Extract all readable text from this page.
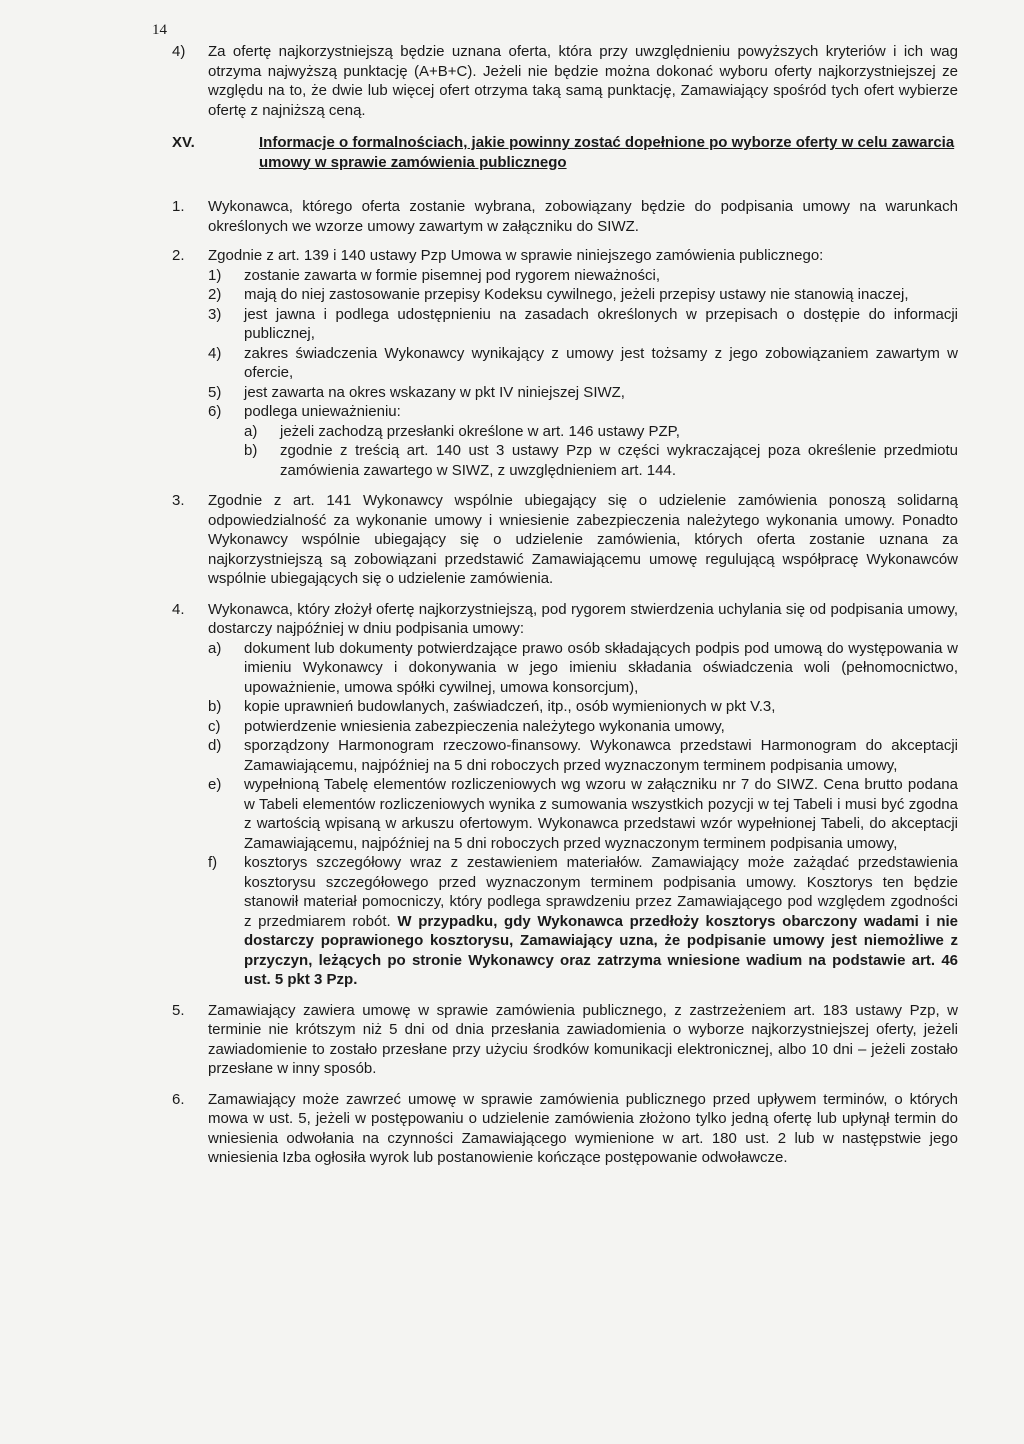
14
4) Za ofertę najkorzystniejszą będzie uznana oferta, która przy uwzględnieniu powyższych kryteriów i ich wag otrzyma najwyższą punktację (A+B+C). Jeżeli nie będzie można dokonać wyboru oferty najkorzystniejszej ze względu na to, że dwie lub więcej ofert otrzyma taką samą punktację, Zamawiający spośród tych ofert wybierze ofertę z najniższą ceną.

XV.	Informacje o formalnościach, jakie powinny zostać dopełnione po wyborze oferty w celu zawarcia umowy w sprawie zamówienia publicznego

1. Wykonawca, którego oferta zostanie wybrana, zobowiązany będzie do podpisania umowy na warunkach określonych we wzorze umowy zawartym w załączniku do SIWZ.

2. Zgodnie z art. 139 i 140 ustawy Pzp Umowa w sprawie niniejszego zamówienia publicznego:

1) zostanie zawarta w formie pisemnej pod rygorem nieważności,

2) mają do niej zastosowanie przepisy Kodeksu cywilnego, jeżeli przepisy ustawy nie stanowią inaczej,

3) jest jawna i podlega udostępnieniu na zasadach określonych w przepisach o dostępie do informacji publicznej,

4) zakres świadczenia Wykonawcy wynikający z umowy jest tożsamy z jego zobowiązaniem zawartym w ofercie,

5) jest zawarta na okres wskazany w pkt IV niniejszej SIWZ,

6) podlega unieważnieniu:

a) jeżeli zachodzą przesłanki określone w art. 146 ustawy PZP,

b) zgodnie z treścią art. 140 ust 3 ustawy Pzp w części wykraczającej poza określenie przedmiotu zamówienia zawartego w SIWZ, z uwzględnieniem art. 144.

3. Zgodnie z art. 141 Wykonawcy wspólnie ubiegający się o udzielenie zamówienia ponoszą solidarną odpowiedzialność za wykonanie umowy i wniesienie zabezpieczenia należytego wykonania umowy. Ponadto Wykonawcy wspólnie ubiegający się o udzielenie zamówienia, których oferta zostanie uznana za najkorzystniejszą są zobowiązani przedstawić Zamawiającemu umowę regulującą współpracę Wykonawców wspólnie ubiegających się o udzielenie zamówienia.

4. Wykonawca, który złożył ofertę najkorzystniejszą, pod rygorem stwierdzenia uchylania się od podpisania umowy, dostarczy najpóźniej w dniu podpisania umowy:

a) dokument lub dokumenty potwierdzające prawo osób składających podpis pod umową do występowania w imieniu Wykonawcy i dokonywania w jego imieniu składania oświadczenia woli (pełnomocnictwo, upoważnienie, umowa spółki cywilnej, umowa konsorcjum),

b) kopie uprawnień budowlanych, zaświadczeń, itp., osób wymienionych w pkt V.3,

c) potwierdzenie wniesienia zabezpieczenia należytego wykonania umowy,

d) sporządzony Harmonogram rzeczowo-finansowy. Wykonawca przedstawi Harmonogram do akceptacji Zamawiającemu, najpóźniej na 5 dni roboczych przed wyznaczonym terminem podpisania umowy,

e) wypełnioną Tabelę elementów rozliczeniowych wg wzoru w załączniku nr 7 do SIWZ. Cena brutto podana w Tabeli elementów rozliczeniowych wynika z sumowania wszystkich pozycji w tej Tabeli i musi być zgodna z wartością wpisaną w arkuszu ofertowym. Wykonawca przedstawi wzór wypełnionej Tabeli, do akceptacji Zamawiającemu, najpóźniej na 5 dni roboczych przed wyznaczonym terminem podpisania umowy,

f) kosztorys szczegółowy wraz z zestawieniem materiałów. Zamawiający może zażądać przedstawienia kosztorysu szczegółowego przed wyznaczonym terminem podpisania umowy. Kosztorys ten będzie stanowił materiał pomocniczy, który podlega sprawdzeniu przez Zamawiającego pod względem zgodności z przedmiarem robót. W przypadku, gdy Wykonawca przedłoży kosztorys obarczony wadami i nie dostarczy poprawionego kosztorysu, Zamawiający uzna, że podpisanie umowy jest niemożliwe z przyczyn, leżących po stronie Wykonawcy oraz zatrzyma wniesione wadium na podstawie art. 46 ust. 5 pkt 3 Pzp.

5. Zamawiający zawiera umowę w sprawie zamówienia publicznego, z zastrzeżeniem art. 183 ustawy Pzp, w terminie nie krótszym niż 5 dni od dnia przesłania zawiadomienia o wyborze najkorzystniejszej oferty, jeżeli zawiadomienie to zostało przesłane przy użyciu środków komunikacji elektronicznej, albo 10 dni – jeżeli zostało przesłane w inny sposób.

6. Zamawiający może zawrzeć umowę w sprawie zamówienia publicznego przed upływem terminów, o których mowa w ust. 5, jeżeli w postępowaniu o udzielenie zamówienia złożono tylko jedną ofertę lub upłynął termin do wniesienia odwołania na czynności Zamawiającego wymienione w art. 180 ust. 2 lub w następstwie jego wniesienia Izba ogłosiła wyrok lub postanowienie kończące postępowanie odwoławcze.
